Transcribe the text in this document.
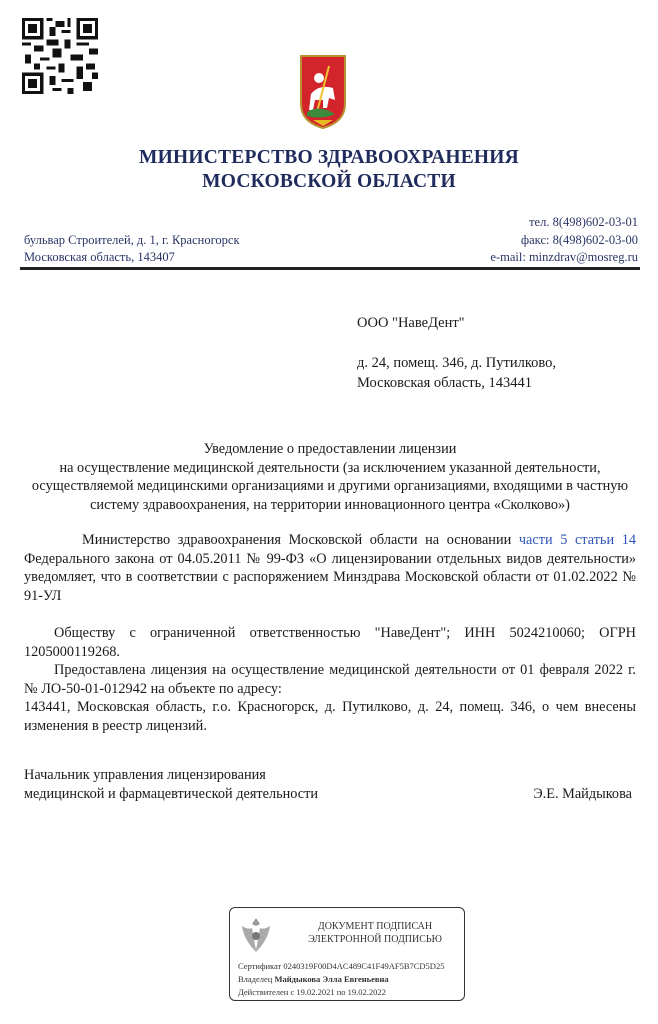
МИНИСТЕРСТВО ЗДРАВООХРАНЕНИЯ
МОСКОВСКОЙ ОБЛАСТИ
бульвар Строителей, д. 1, г. Красногорск
Московская область, 143407
тел. 8(498)602-03-01
факс: 8(498)602-03-00
e-mail: minzdrav@mosreg.ru
ООО "НавеДент"
д. 24, помещ. 346, д. Путилково,
Московская область, 143441

Уведомление о предоставлении лицензии

на осуществление медицинской деятельности (за исключением указанной деятельности, осуществляемой медицинскими организациями и другими организациями, входящими в частную систему здравоохранения, на территории инновационного центра «Сколково»)

Министерство здравоохранения Московской области на основании части 5 статьи 14 Федерального закона от 04.05.2011 № 99-ФЗ «О лицензировании отдельных видов деятельности» уведомляет, что в соответствии с распоряжением Минздрава Московской области от 01.02.2022 № 91-УЛ

Обществу с ограниченной ответственностью "НавеДент"; ИНН 5024210060; ОГРН 1205000119268.

Предоставлена лицензия на осуществление медицинской деятельности от 01 февраля 2022 г. № ЛО-50-01-012942 на объекте по адресу:

143441, Московская область, г.о. Красногорск, д. Путилково, д. 24, помещ. 346, о чем внесены изменения в реестр лицензий.

Начальник управления лицензирования
медицинской и фармацевтической деятельности	Э.Е. Майдыкова
ДОКУМЕНТ ПОДПИСАН
ЭЛЕКТРОННОЙ ПОДПИСЬЮ
Сертификат 0240319F00D4AC489C41F49AF5B7CD5D25
Владелец Майдыкова Элла Евгеньевна
Действителен с 19.02.2021 по 19.02.2022
